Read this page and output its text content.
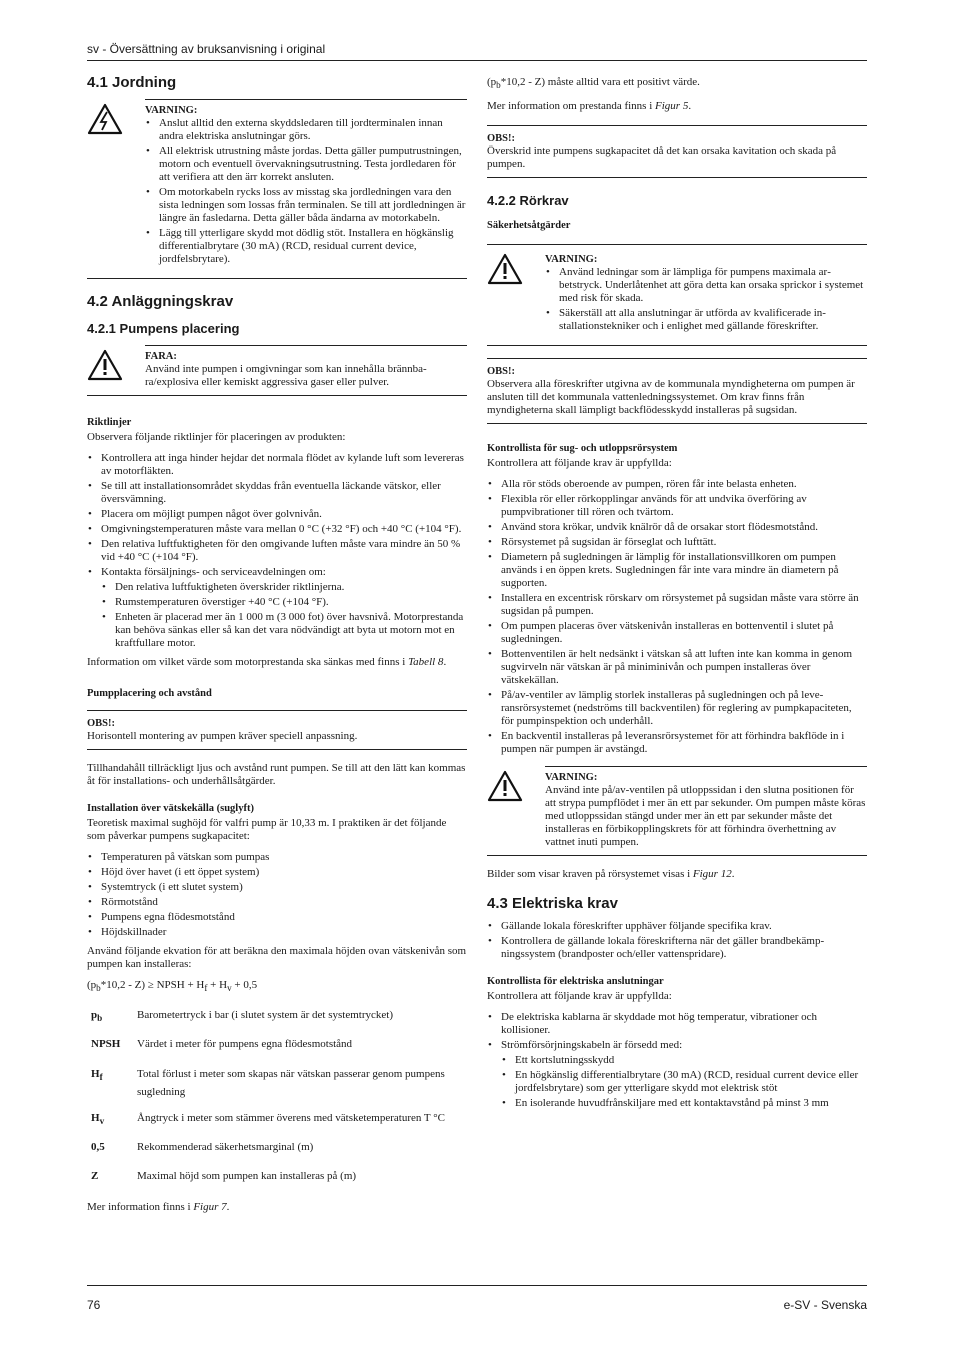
sv - Översättning av bruksanvisning i original
4.1 Jordning
VARNING:
• Anslut alltid den externa skyddsledaren till jordterminalen innan andra elektriska anslutningar görs.
• All elektrisk utrustning måste jordas. Detta gäller pumputrustningen, motorn och eventuell övervakningsutrustning. Testa jordledaren för att verifiera att den ärr korrekt ansluten.
• Om motorkabeln rycks loss av misstag ska jordledningen vara den sista ledningen som lossas från terminalen. Se till att jordledningen är längre än fasledarna. Detta gäller båda ändarna av motorkabeln.
• Lägg till ytterligare skydd mot dödlig stöt. Installera en högkänslig differentialbrytare (30 mA) (RCD, residual current device, jordfelsbrytare).
4.2 Anläggningskrav
4.2.1 Pumpens placering
FARA:
Använd inte pumpen i omgivningar som kan innehålla brännbara/explosiva eller kemiskt aggressiva gaser eller pulver.
Riktlinjer

Observera följande riktlinjer för placeringen av produkten:

• Kontrollera att inga hinder hejdar det normala flödet av kylande luft som levereras av motorfläkten.
• Se till att installationsområdet skyddas från eventuella läckande vätskor, eller översvämning.
• Placera om möjligt pumpen något över golvnivån.
• Omgivningstemperaturen måste vara mellan 0 °C (+32 °F) och +40 °C (+104 °F).
• Den relativa luftfuktigheten för den omgivande luften måste vara mindre än 50 % vid +40 °C (+104 °F).
• Kontakta försäljnings- och serviceavdelningen om:
• Den relativa luftfuktigheten överskrider riktlinjerna.
• Rumstemperaturen överstiger +40 °C (+104 °F).
• Enheten är placerad mer än 1 000 m (3 000 fot) över havsnivå. Motorprestanda kan behöva sänkas eller så kan det vara nödvändigt att byta ut motorn mot en kraftfullare motor.

Information om vilket värde som motorprestanda ska sänkas med finns i Tabell 8.

Pumpplacering och avstånd
OBS!:
Horisontell montering av pumpen kräver speciell anpassning.

Tillhandahåll tillräckligt ljus och avstånd runt pumpen. Se till att den lätt kan kommas åt för installations- och underhållsåtgärder.

Installation över vätskekälla (suglyft)

Teoretisk maximal sughöjd för valfri pump är 10,33 m. I praktiken är det följande som påverkar pumpens sugkapacitet:

• Temperaturen på vätskan som pumpas
• Höjd över havet (i ett öppet system)
• Systemtryck (i ett slutet system)
• Rörmotstånd
• Pumpens egna flödesmotstånd
• Höjdskillnader

Använd följande ekvation för att beräkna den maximala höjden ovan vätskenivån som pumpen kan installeras:

$(p_b*10,2 - Z)$ ≥ NPSH + $H_f + H_v + 0,5$

$p_b$	Barometertryck i bar (i slutet system är det systemtrycket)
NPSH	Värdet i meter för pumpens egna flödesmotstånd
$H_f$	Total förlust i meter som skapas när vätskan passerar genom pumpens sugledning
$H_v$	Ångtryck i meter som stämmer överens med vätsketemperaturen T °C
0,5	Rekommenderad säkerhetsmarginal (m)
Z	Maximal höjd som pumpen kan installeras på (m)

Mer information finns i Figur 7.

$(p_b*10,2 - Z)$ måste alltid vara ett positivt värde.

Mer information om prestanda finns i Figur 5.

OBS!:
Överskrid inte pumpens sugkapacitet då det kan orsaka kavitation och skada på pumpen.
4.2.2 Rörkrav
Säkerhetsåtgärder
VARNING:
• Använd ledningar som är lämpliga för pumpens maximala arbetstryck. Underlåtenhet att göra detta kan orsaka sprickor i systemet med risk för skada.
• Säkerställ att alla anslutningar är utförda av kvalificerade installationstekniker och i enlighet med gällande föreskrifter.
OBS!:
Observera alla föreskrifter utgivna av de kommunala myndigheterna om pumpen är ansluten till det kommunala vattenledningssystemet. Om krav finns från myndigheterna skall lämpligt backflödesskydd installeras på sugsidan.
Kontrollista för sug- och utloppsrörsystem

Kontrollera att följande krav är uppfyllda:

• Alla rör stöds oberoende av pumpen, rören får inte belasta enheten.
• Flexibla rör eller rörkopplingar används för att undvika överföring av pumpvibrationer till rören och tvärtom.
• Använd stora krökar, undvik knälrör då de orsakar stort flödesmotstånd.
• Rörsystemet på sugsidan är förseglat och lufttätt.
• Diametern på sugledningen är lämplig för installationsvillkoren om pumpen används i en öppen krets. Sugledningen får inte vara mindre än diametern på sugporten.
• Installera en excentrisk rörskarv om rörsystemet på sugsidan måste vara större än sugsidan på pumpen.
• Om pumpen placeras över vätskenivån installeras en bottenventil i slutet på sugledningen.
• Bottenventilen är helt nedsänkt i vätskan så att luften inte kan komma in genom sugvirveln när vätskan är på miniminivån och pumpen installeras över vätskekällan.
• På/av-ventiler av lämplig storlek installeras på sugledningen och på leveransrörsystemet (nedströms till backventilen) för reglering av pumpkapaciteten, för pumpinspektion och underhåll.
• En backventil installeras på leveransrörsystemet för att förhindra bakflöde in i pumpen när pumpen är avstängd.
VARNING:
Använd inte på/av-ventilen på utloppssidan i den slutna positionen för att strypa pumpflödet i mer än ett par sekunder. Om pumpen måste köras med utloppssidan stängd under mer än ett par sekunder måste det installeras en förbikopplingskrets för att förhindra överhettning av vattnet inuti pumpen.

Bilder som visar kraven på rörsystemet visas i Figur 12.

4.3 Elektriska krav
• Gällande lokala föreskrifter upphäver följande specifika krav.
• Kontrollera de gällande lokala föreskrifterna när det gäller brandbekämpningssystem (brandposter och/eller vattenspridare).
Kontrollista för elektriska anslutningar

Kontrollera att följande krav är uppfyllda:

• De elektriska kablarna är skyddade mot hög temperatur, vibrationer och kollisioner.
• Strömförsörjningskabeln är försedd med:
• Ett kortslutningsskydd
• En högkänslig differentialbrytare (30 mA) (RCD, residual current device eller jordfelsbrytare) som ger ytterligare skydd mot elektrisk stöt
• En isolerande huvudfrånskiljare med ett kontaktavstånd på minst 3 mm
76	e-SV - Svenska
